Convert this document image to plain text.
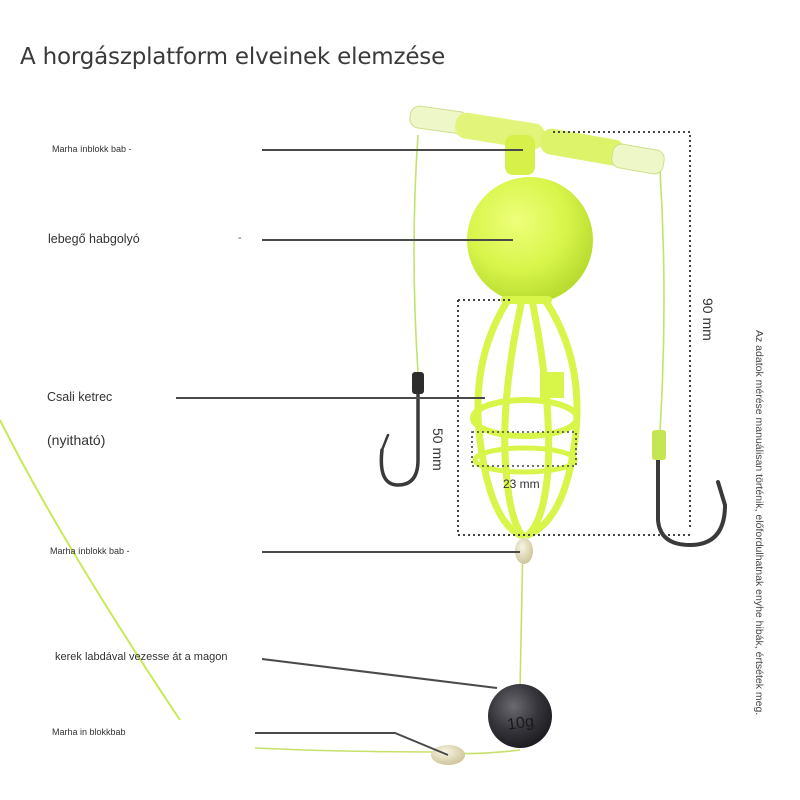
A horgászplatform elveinek elemzése
10g
Marha ínblokk bab -
lebegő habgolyó	-
Csali ketrec
(nyitható)
Marha ínblokk bab -
kerek labdával vezesse át a magon
Marha in blokkbab
90 mm
50 mm
23 mm	Az adatok mérése manuálisan történik, előfordulhatnak enyhe hibák, értsétek meg.
